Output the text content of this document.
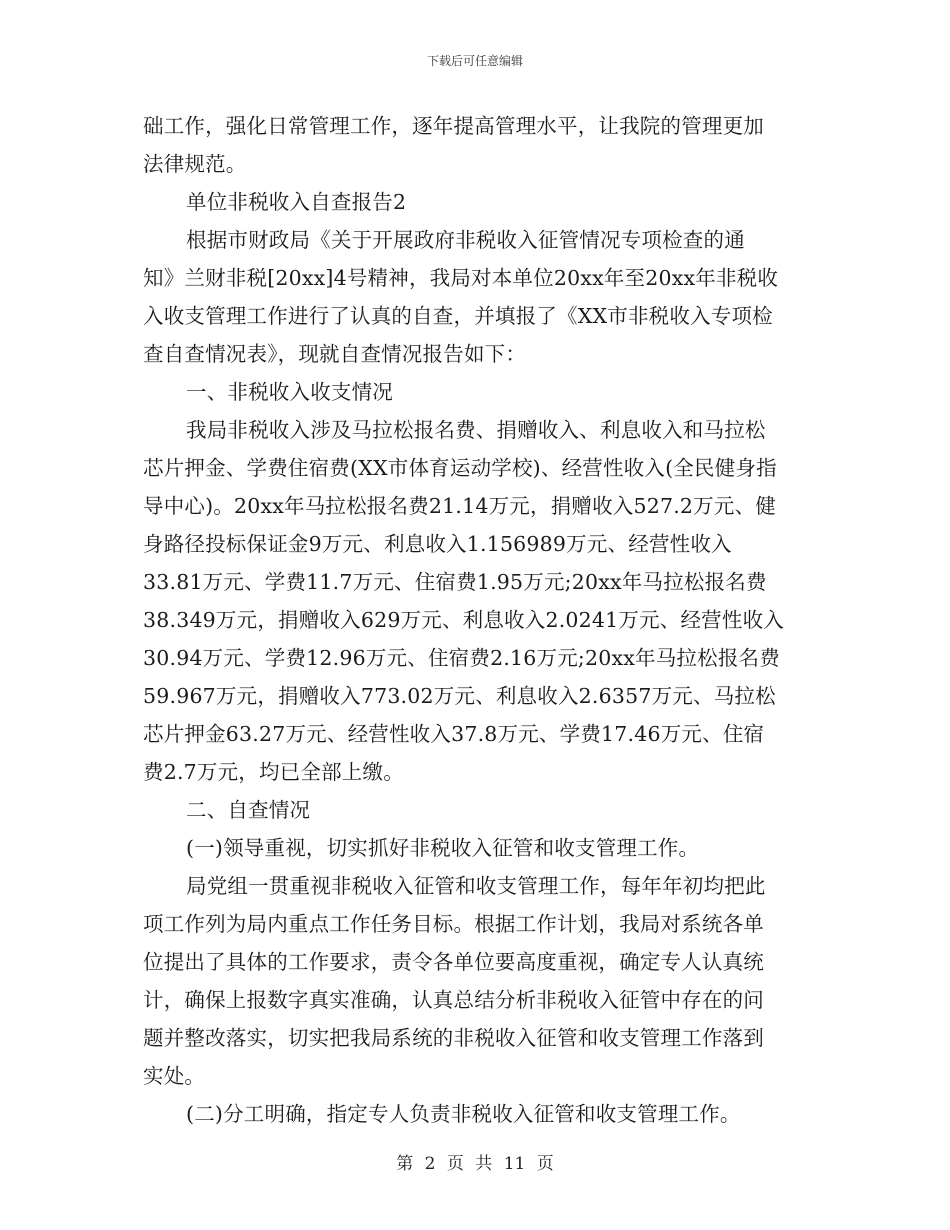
下载后可任意编辑
础工作，强化日常管理工作，逐年提高管理水平，让我院的管理更加
法律规范。
单位非税收入自查报告2
根据市财政局《关于开展政府非税收入征管情况专项检查的通
知》兰财非税[20xx]4号精神，我局对本单位20xx年至20xx年非税收
入收支管理工作进行了认真的自查，并填报了《XX市非税收入专项检
查自查情况表》，现就自查情况报告如下：
一、非税收入收支情况
我局非税收入涉及马拉松报名费、捐赠收入、利息收入和马拉松
芯片押金、学费住宿费(XX市体育运动学校)、经营性收入(全民健身指
导中心)。20xx年马拉松报名费21.14万元，捐赠收入527.2万元、健
身路径投标保证金9万元、利息收入1.156989万元、经营性收入
33.81万元、学费11.7万元、住宿费1.95万元;20xx年马拉松报名费
38.349万元，捐赠收入629万元、利息收入2.0241万元、经营性收入
30.94万元、学费12.96万元、住宿费2.16万元;20xx年马拉松报名费
59.967万元，捐赠收入773.02万元、利息收入2.6357万元、马拉松
芯片押金63.27万元、经营性收入37.8万元、学费17.46万元、住宿
费2.7万元，均已全部上缴。
二、自查情况
(一)领导重视，切实抓好非税收入征管和收支管理工作。
局党组一贯重视非税收入征管和收支管理工作，每年年初均把此
项工作列为局内重点工作任务目标。根据工作计划，我局对系统各单
位提出了具体的工作要求，责令各单位要高度重视，确定专人认真统
计，确保上报数字真实准确，认真总结分析非税收入征管中存在的问
题并整改落实，切实把我局系统的非税收入征管和收支管理工作落到
实处。
(二)分工明确，指定专人负责非税收入征管和收支管理工作。
第 2 页 共 11 页
